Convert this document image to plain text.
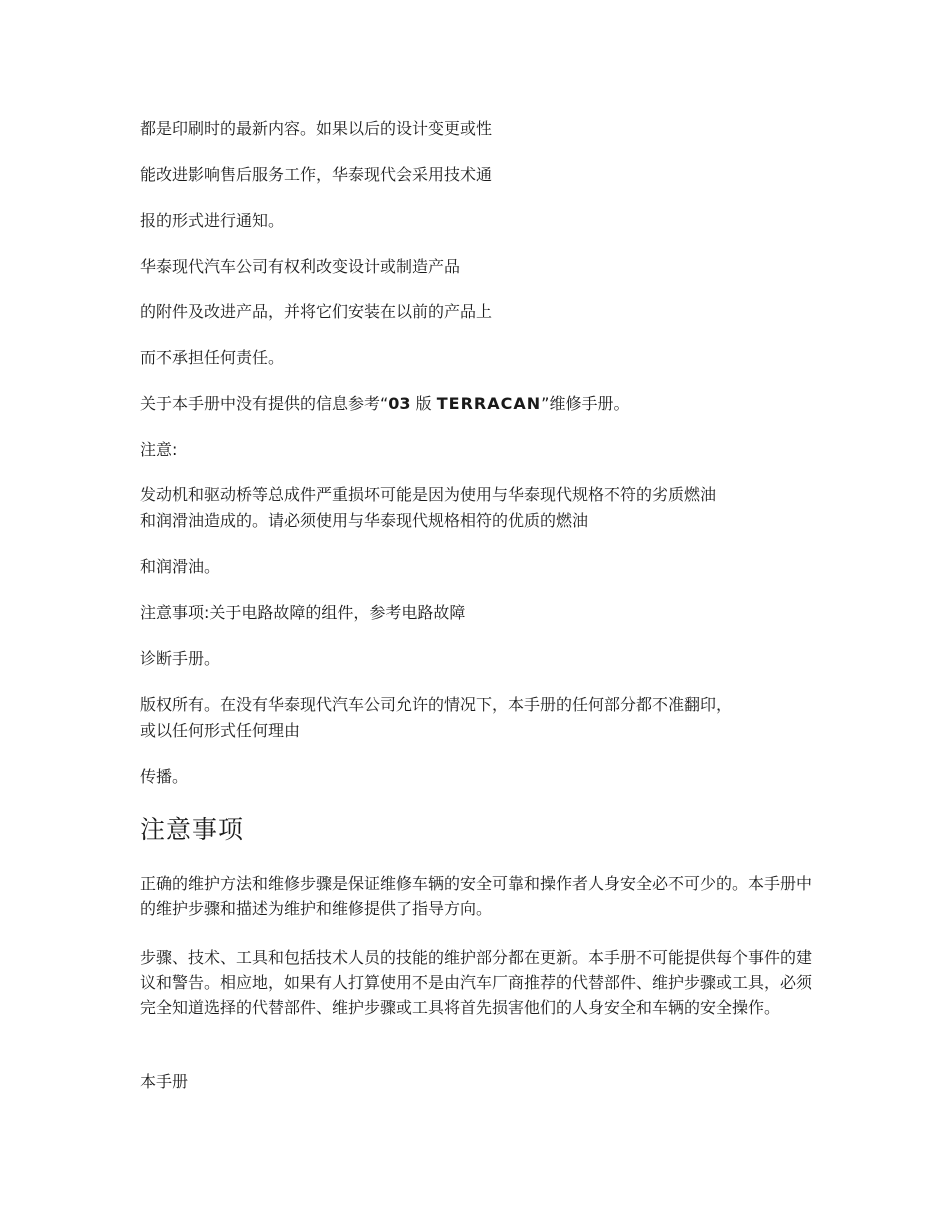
都是印刷时的最新内容。如果以后的设计变更或性

能改进影响售后服务工作，华泰现代会采用技术通

报的形式进行通知。

华泰现代汽车公司有权利改变设计或制造产品

的附件及改进产品，并将它们安装在以前的产品上

而不承担任何责任。

关于本手册中没有提供的信息参考“03 版 TERRACAN”维修手册。

注意:

发动机和驱动桥等总成件严重损坏可能是因为使用与华泰现代规格不符的劣质燃油

和润滑油造成的。请必须使用与华泰现代规格相符的优质的燃油

和润滑油。

注意事项:关于电路故障的组件，参考电路故障

诊断手册。

版权所有。在没有华泰现代汽车公司允许的情况下，本手册的任何部分都不准翻印，

或以任何形式任何理由

传播。

注意事项

正确的维护方法和维修步骤是保证维修车辆的安全可靠和操作者人身安全必不可少的。本手册中的维护步骤和描述为维护和维修提供了指导方向。

步骤、技术、工具和包括技术人员的技能的维护部分都在更新。本手册不可能提供每个事件的建议和警告。相应地，如果有人打算使用不是由汽车厂商推荐的代替部件、维护步骤或工具，必须完全知道选择的代替部件、维护步骤或工具将首先损害他们的人身安全和车辆的安全操作。

本手册
